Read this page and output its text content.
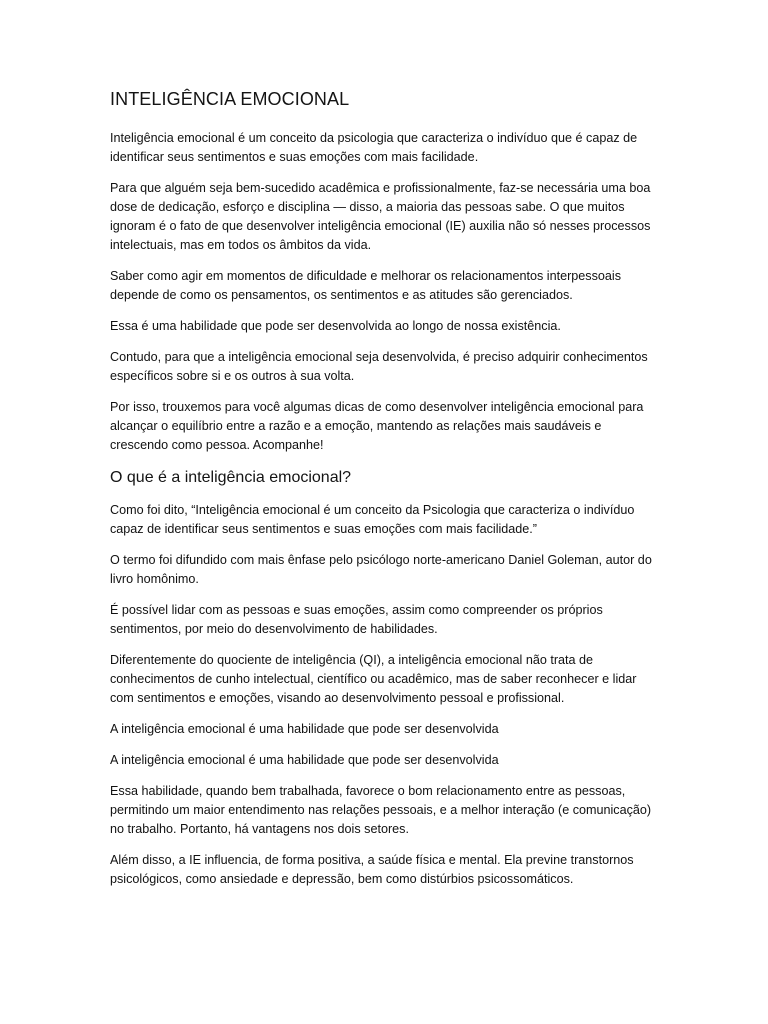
INTELIGÊNCIA EMOCIONAL

Inteligência emocional é um conceito da psicologia que caracteriza o indivíduo que é capaz de identificar seus sentimentos e suas emoções com mais facilidade.

Para que alguém seja bem-sucedido acadêmica e profissionalmente, faz-se necessária uma boa dose de dedicação, esforço e disciplina — disso, a maioria das pessoas sabe. O que muitos ignoram é o fato de que desenvolver inteligência emocional (IE) auxilia não só nesses processos intelectuais, mas em todos os âmbitos da vida.

Saber como agir em momentos de dificuldade e melhorar os relacionamentos interpessoais depende de como os pensamentos, os sentimentos e as atitudes são gerenciados.

Essa é uma habilidade que pode ser desenvolvida ao longo de nossa existência.

Contudo, para que a inteligência emocional seja desenvolvida, é preciso adquirir conhecimentos específicos sobre si e os outros à sua volta.

Por isso, trouxemos para você algumas dicas de como desenvolver inteligência emocional para alcançar o equilíbrio entre a razão e a emoção, mantendo as relações mais saudáveis e crescendo como pessoa. Acompanhe!

O que é a inteligência emocional?

Como foi dito, “Inteligência emocional é um conceito da Psicologia que caracteriza o indivíduo capaz de identificar seus sentimentos e suas emoções com mais facilidade.”

O termo foi difundido com mais ênfase pelo psicólogo norte-americano Daniel Goleman, autor do livro homônimo.

É possível lidar com as pessoas e suas emoções, assim como compreender os próprios sentimentos, por meio do desenvolvimento de habilidades.

Diferentemente do quociente de inteligência (QI), a inteligência emocional não trata de conhecimentos de cunho intelectual, científico ou acadêmico, mas de saber reconhecer e lidar com sentimentos e emoções, visando ao desenvolvimento pessoal e profissional.

A inteligência emocional é uma habilidade que pode ser desenvolvida

A inteligência emocional é uma habilidade que pode ser desenvolvida

Essa habilidade, quando bem trabalhada, favorece o bom relacionamento entre as pessoas, permitindo um maior entendimento nas relações pessoais, e a melhor interação (e comunicação) no trabalho. Portanto, há vantagens nos dois setores.

Além disso, a IE influencia, de forma positiva, a saúde física e mental. Ela previne transtornos psicológicos, como ansiedade e depressão, bem como distúrbios psicossomáticos.
